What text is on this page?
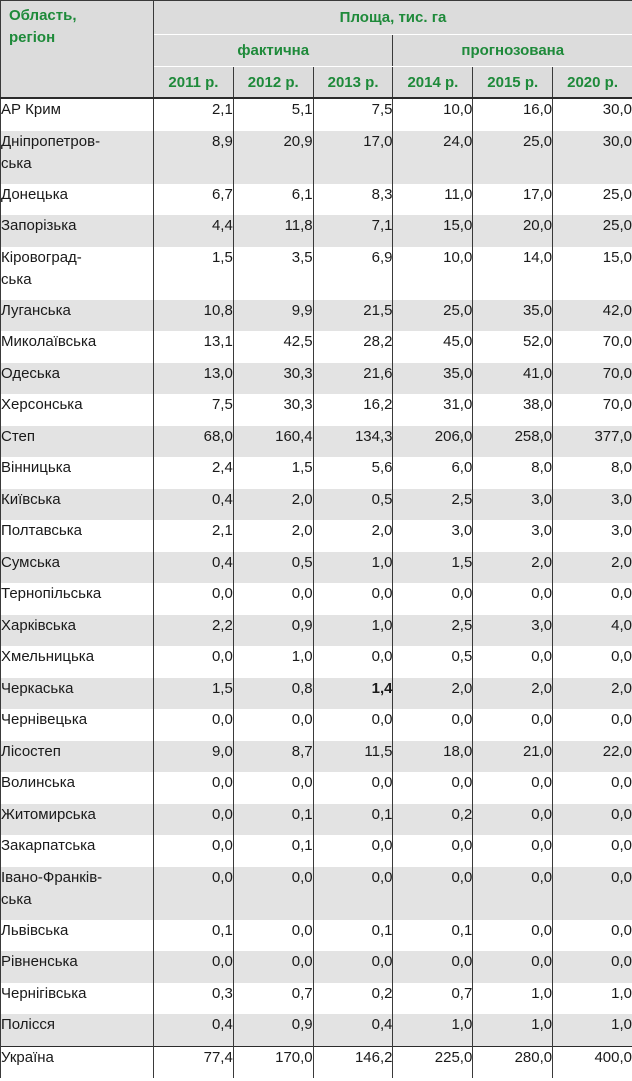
Область,
регіон	Площа, тис. га					
	фактична			прогнозована		
	2011 р.	2012 р.	2013 р.	2014 р.	2015 р.	2020 р.
АР Крим	2,1	5,1	7,5	10,0	16,0	30,0
Дніпропетров-
ська	8,9	20,9	17,0	24,0	25,0	30,0
Донецька	6,7	6,1	8,3	11,0	17,0	25,0
Запорізька	4,4	11,8	7,1	15,0	20,0	25,0
Кіровоград-
ська	1,5	3,5	6,9	10,0	14,0	15,0
Луганська	10,8	9,9	21,5	25,0	35,0	42,0
Миколаївська	13,1	42,5	28,2	45,0	52,0	70,0
Одеська	13,0	30,3	21,6	35,0	41,0	70,0
Херсонська	7,5	30,3	16,2	31,0	38,0	70,0
Степ	68,0	160,4	134,3	206,0	258,0	377,0
Вінницька	2,4	1,5	5,6	6,0	8,0	8,0
Київська	0,4	2,0	0,5	2,5	3,0	3,0
Полтавська	2,1	2,0	2,0	3,0	3,0	3,0
Сумська	0,4	0,5	1,0	1,5	2,0	2,0
Тернопільська	0,0	0,0	0,0	0,0	0,0	0,0
Харківська	2,2	0,9	1,0	2,5	3,0	4,0
Хмельницька	0,0	1,0	0,0	0,5	0,0	0,0
Черкаська	1,5	0,8	1,4	2,0	2,0	2,0
Чернівецька	0,0	0,0	0,0	0,0	0,0	0,0
Лісостеп	9,0	8,7	11,5	18,0	21,0	22,0
Волинська	0,0	0,0	0,0	0,0	0,0	0,0
Житомирська	0,0	0,1	0,1	0,2	0,0	0,0
Закарпатська	0,0	0,1	0,0	0,0	0,0	0,0
Івано-Франків-
ська	0,0	0,0	0,0	0,0	0,0	0,0
Львівська	0,1	0,0	0,1	0,1	0,0	0,0
Рівненська	0,0	0,0	0,0	0,0	0,0	0,0
Чернігівська	0,3	0,7	0,2	0,7	1,0	1,0
Полісся	0,4	0,9	0,4	1,0	1,0	1,0
Україна	77,4	170,0	146,2	225,0	280,0	400,0
